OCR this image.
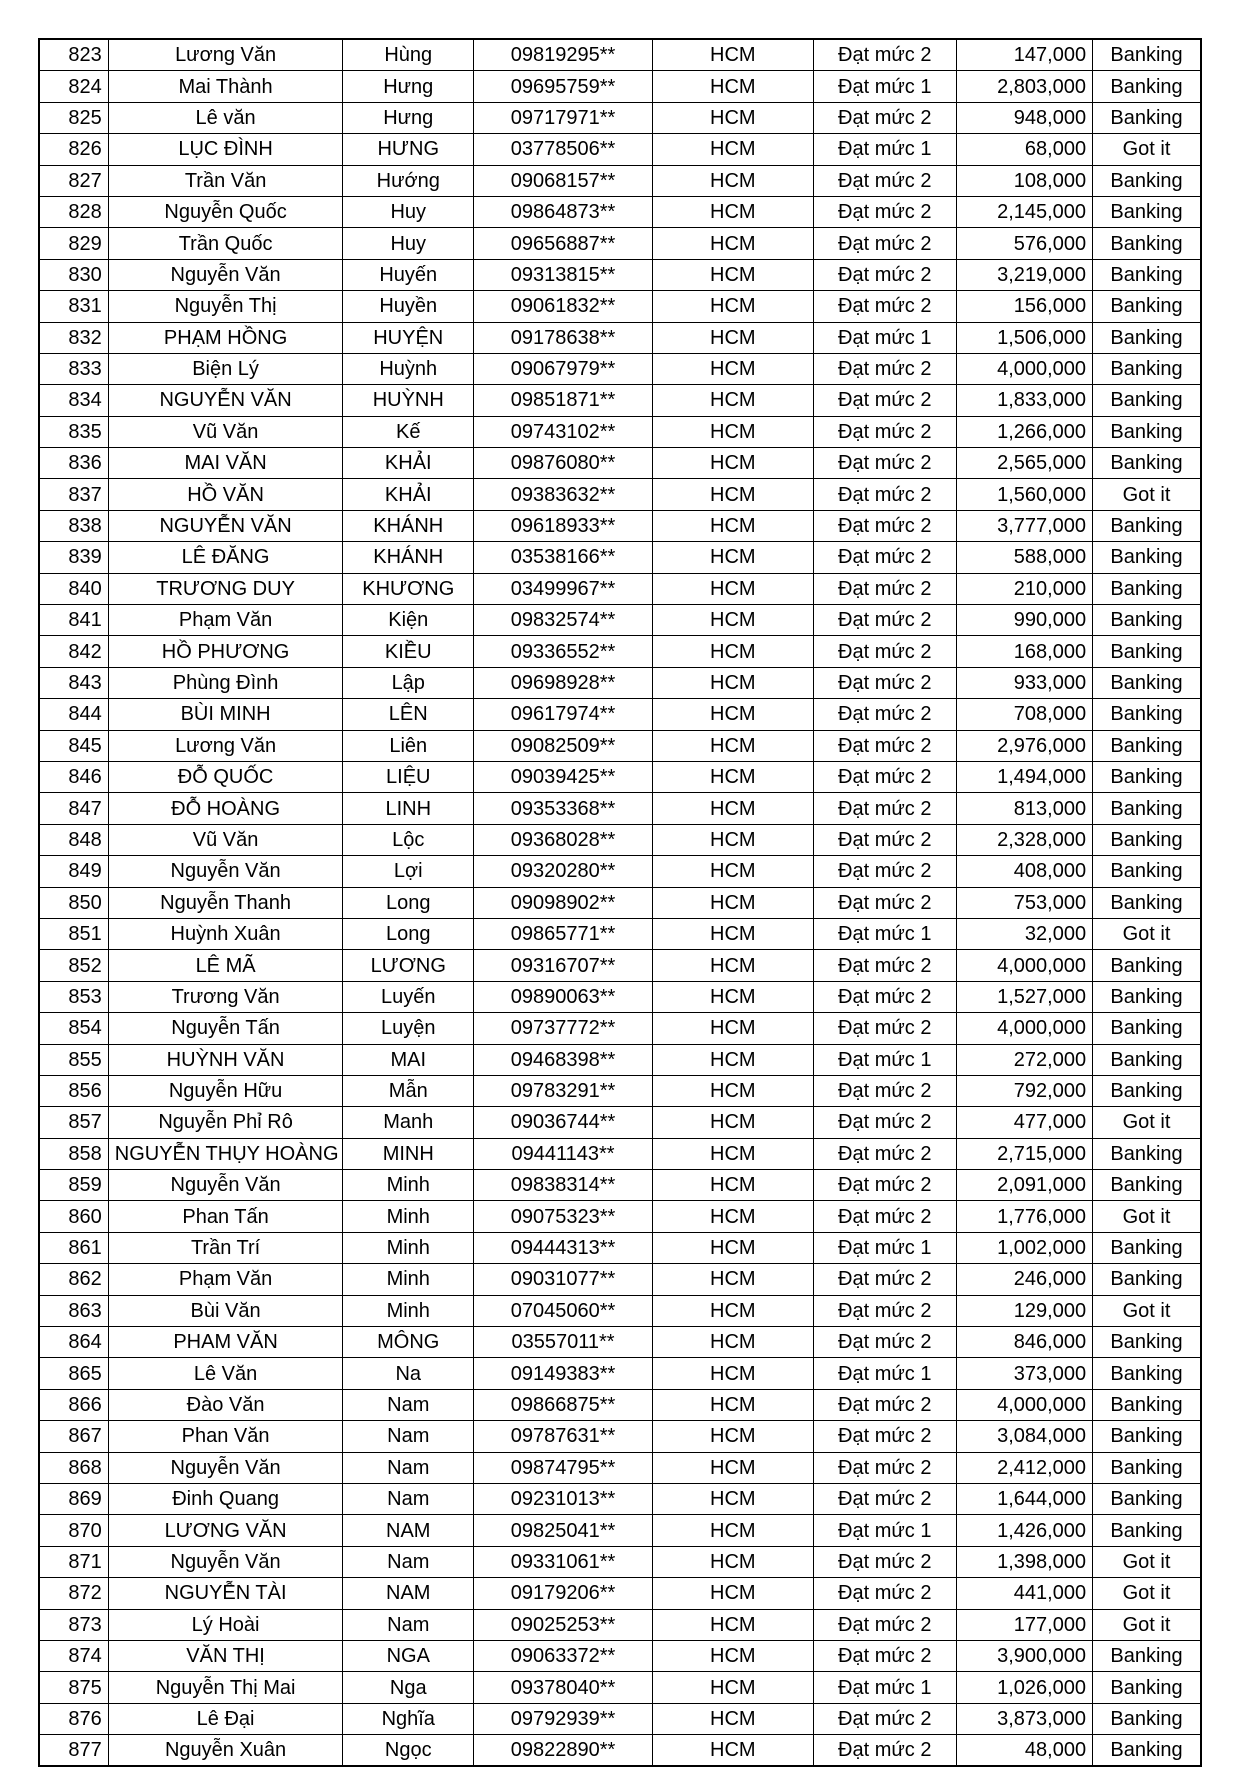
823	Lương Văn	Hùng	09819295**	HCM	Đạt mức 2	147,000	Banking
824	Mai Thành	Hưng	09695759**	HCM	Đạt mức 1	2,803,000	Banking
825	Lê văn	Hưng	09717971**	HCM	Đạt mức 2	948,000	Banking
826	LỤC ĐÌNH	HƯNG	03778506**	HCM	Đạt mức 1	68,000	Got it
827	Trần Văn	Hướng	09068157**	HCM	Đạt mức 2	108,000	Banking
828	Nguyễn Quốc	Huy	09864873**	HCM	Đạt mức 2	2,145,000	Banking
829	Trần Quốc	Huy	09656887**	HCM	Đạt mức 2	576,000	Banking
830	Nguyễn Văn	Huyến	09313815**	HCM	Đạt mức 2	3,219,000	Banking
831	Nguyễn Thị	Huyền	09061832**	HCM	Đạt mức 2	156,000	Banking
832	PHẠM HỒNG	HUYỆN	09178638**	HCM	Đạt mức 1	1,506,000	Banking
833	Biện Lý	Huỳnh	09067979**	HCM	Đạt mức 2	4,000,000	Banking
834	NGUYỄN VĂN	HUỲNH	09851871**	HCM	Đạt mức 2	1,833,000	Banking
835	Vũ Văn	Kế	09743102**	HCM	Đạt mức 2	1,266,000	Banking
836	MAI VĂN	KHẢI	09876080**	HCM	Đạt mức 2	2,565,000	Banking
837	HỒ VĂN	KHẢI	09383632**	HCM	Đạt mức 2	1,560,000	Got it
838	NGUYỄN VĂN	KHÁNH	09618933**	HCM	Đạt mức 2	3,777,000	Banking
839	LÊ ĐĂNG	KHÁNH	03538166**	HCM	Đạt mức 2	588,000	Banking
840	TRƯƠNG DUY	KHƯƠNG	03499967**	HCM	Đạt mức 2	210,000	Banking
841	Phạm Văn	Kiện	09832574**	HCM	Đạt mức 2	990,000	Banking
842	HỒ PHƯƠNG	KIỀU	09336552**	HCM	Đạt mức 2	168,000	Banking
843	Phùng Đình	Lập	09698928**	HCM	Đạt mức 2	933,000	Banking
844	BÙI MINH	LÊN	09617974**	HCM	Đạt mức 2	708,000	Banking
845	Lương Văn	Liên	09082509**	HCM	Đạt mức 2	2,976,000	Banking
846	ĐỖ QUỐC	LIỆU	09039425**	HCM	Đạt mức 2	1,494,000	Banking
847	ĐỖ HOÀNG	LINH	09353368**	HCM	Đạt mức 2	813,000	Banking
848	Vũ Văn	Lộc	09368028**	HCM	Đạt mức 2	2,328,000	Banking
849	Nguyễn Văn	Lợi	09320280**	HCM	Đạt mức 2	408,000	Banking
850	Nguyễn Thanh	Long	09098902**	HCM	Đạt mức 2	753,000	Banking
851	Huỳnh Xuân	Long	09865771**	HCM	Đạt mức 1	32,000	Got it
852	LÊ MÃ	LƯƠNG	09316707**	HCM	Đạt mức 2	4,000,000	Banking
853	Trương Văn	Luyến	09890063**	HCM	Đạt mức 2	1,527,000	Banking
854	Nguyễn Tấn	Luyện	09737772**	HCM	Đạt mức 2	4,000,000	Banking
855	HUỲNH VĂN	MAI	09468398**	HCM	Đạt mức 1	272,000	Banking
856	Nguyễn Hữu	Mẫn	09783291**	HCM	Đạt mức 2	792,000	Banking
857	Nguyễn Phỉ Rô	Manh	09036744**	HCM	Đạt mức 2	477,000	Got it
858	NGUYỄN THỤY HOÀNG	MINH	09441143**	HCM	Đạt mức 2	2,715,000	Banking
859	Nguyễn Văn	Minh	09838314**	HCM	Đạt mức 2	2,091,000	Banking
860	Phan Tấn	Minh	09075323**	HCM	Đạt mức 2	1,776,000	Got it
861	Trần Trí	Minh	09444313**	HCM	Đạt mức 1	1,002,000	Banking
862	Phạm Văn	Minh	09031077**	HCM	Đạt mức 2	246,000	Banking
863	Bùi Văn	Minh	07045060**	HCM	Đạt mức 2	129,000	Got it
864	PHAM VĂN	MÔNG	03557011**	HCM	Đạt mức 2	846,000	Banking
865	Lê Văn	Na	09149383**	HCM	Đạt mức 1	373,000	Banking
866	Đào Văn	Nam	09866875**	HCM	Đạt mức 2	4,000,000	Banking
867	Phan Văn	Nam	09787631**	HCM	Đạt mức 2	3,084,000	Banking
868	Nguyễn Văn	Nam	09874795**	HCM	Đạt mức 2	2,412,000	Banking
869	Đinh Quang	Nam	09231013**	HCM	Đạt mức 2	1,644,000	Banking
870	LƯƠNG VĂN	NAM	09825041**	HCM	Đạt mức 1	1,426,000	Banking
871	Nguyễn Văn	Nam	09331061**	HCM	Đạt mức 2	1,398,000	Got it
872	NGUYỄN TÀI	NAM	09179206**	HCM	Đạt mức 2	441,000	Got it
873	Lý Hoài	Nam	09025253**	HCM	Đạt mức 2	177,000	Got it
874	VĂN THỊ	NGA	09063372**	HCM	Đạt mức 2	3,900,000	Banking
875	Nguyễn Thị Mai	Nga	09378040**	HCM	Đạt mức 1	1,026,000	Banking
876	Lê Đại	Nghĩa	09792939**	HCM	Đạt mức 2	3,873,000	Banking
877	Nguyễn Xuân	Ngọc	09822890**	HCM	Đạt mức 2	48,000	Banking
